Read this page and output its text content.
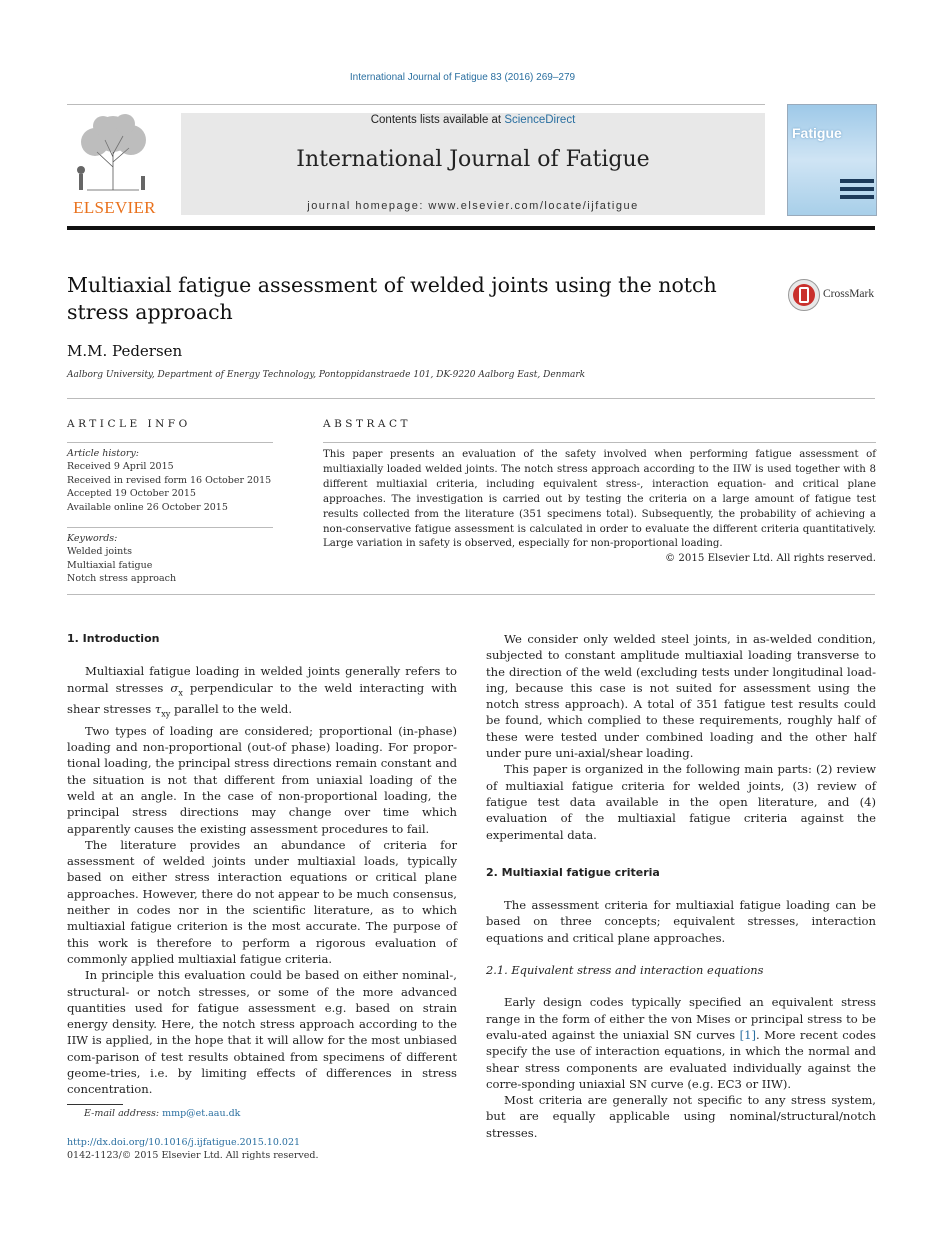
International Journal of Fatigue 83 (2016) 269–279
ELSEVIER
Contents lists available at ScienceDirect
International Journal of Fatigue
journal homepage: www.elsevier.com/locate/ijfatigue
Fatigue
Multiaxial fatigue assessment of welded joints using the notch stress approach
CrossMark
M.M. Pedersen
Aalborg University, Department of Energy Technology, Pontoppidanstraede 101, DK-9220 Aalborg East, Denmark
ARTICLE INFO
Article history:
Received 9 April 2015
Received in revised form 16 October 2015
Accepted 19 October 2015
Available online 26 October 2015
Keywords:
Welded joints
Multiaxial fatigue
Notch stress approach
ABSTRACT
This paper presents an evaluation of the safety involved when performing fatigue assessment of multiaxially loaded welded joints. The notch stress approach according to the IIW is used together with 8 different multiaxial criteria, including equivalent stress-, interaction equation- and critical plane approaches. The investigation is carried out by testing the criteria on a large amount of fatigue test results collected from the literature (351 specimens total). Subsequently, the probability of achieving a non-conservative fatigue assessment is calculated in order to evaluate the different criteria quantitatively. Large variation in safety is observed, especially for non-proportional loading.
© 2015 Elsevier Ltd. All rights reserved.

1. Introduction

Multiaxial fatigue loading in welded joints generally refers to normal stresses $\sigma_x$ perpendicular to the weld interacting with shear stresses $\tau_{xy}$ parallel to the weld.

Two types of loading are considered; proportional (in-phase) loading and non-proportional (out-of phase) loading. For propor-tional loading, the principal stress directions remain constant and the situation is not that different from uniaxial loading of the weld at an angle. In the case of non-proportional loading, the principal stress directions may change over time which apparently causes the existing assessment procedures to fail.

The literature provides an abundance of criteria for assessment of welded joints under multiaxial loads, typically based on either stress interaction equations or critical plane approaches. However, there do not appear to be much consensus, neither in codes nor in the scientific literature, as to which multiaxial fatigue criterion is the most accurate. The purpose of this work is therefore to perform a rigorous evaluation of commonly applied multiaxial fatigue criteria.

In principle this evaluation could be based on either nominal-, structural- or notch stresses, or some of the more advanced quantities used for fatigue assessment e.g. based on strain energy density. Here, the notch stress approach according to the IIW is applied, in the hope that it will allow for the most unbiased com-parison of test results obtained from specimens of different geome-tries, i.e. by limiting effects of differences in stress concentration.

E-mail address: mmp@et.aau.dk
http://dx.doi.org/10.1016/j.ijfatigue.2015.10.021
0142-1123/© 2015 Elsevier Ltd. All rights reserved.

We consider only welded steel joints, in as-welded condition, subjected to constant amplitude multiaxial loading transverse to the direction of the weld (excluding tests under longitudinal load-ing, because this case is not suited for assessment using the notch stress approach). A total of 351 fatigue test results could be found, which complied to these requirements, roughly half of these were tested under combined loading and the other half under pure uni-axial/shear loading.

This paper is organized in the following main parts: (2) review of multiaxial fatigue criteria for welded joints, (3) review of fatigue test data available in the open literature, and (4) evaluation of the multiaxial fatigue criteria against the experimental data.

2. Multiaxial fatigue criteria

The assessment criteria for multiaxial fatigue loading can be based on three concepts; equivalent stresses, interaction equations and critical plane approaches.

2.1. Equivalent stress and interaction equations

Early design codes typically specified an equivalent stress range in the form of either the von Mises or principal stress to be evalu-ated against the uniaxial SN curves [1]. More recent codes specify the use of interaction equations, in which the normal and shear stress components are evaluated individually against the corre-sponding uniaxial SN curve (e.g. EC3 or IIW).

Most criteria are generally not specific to any stress system, but are equally applicable using nominal/structural/notch stresses.
